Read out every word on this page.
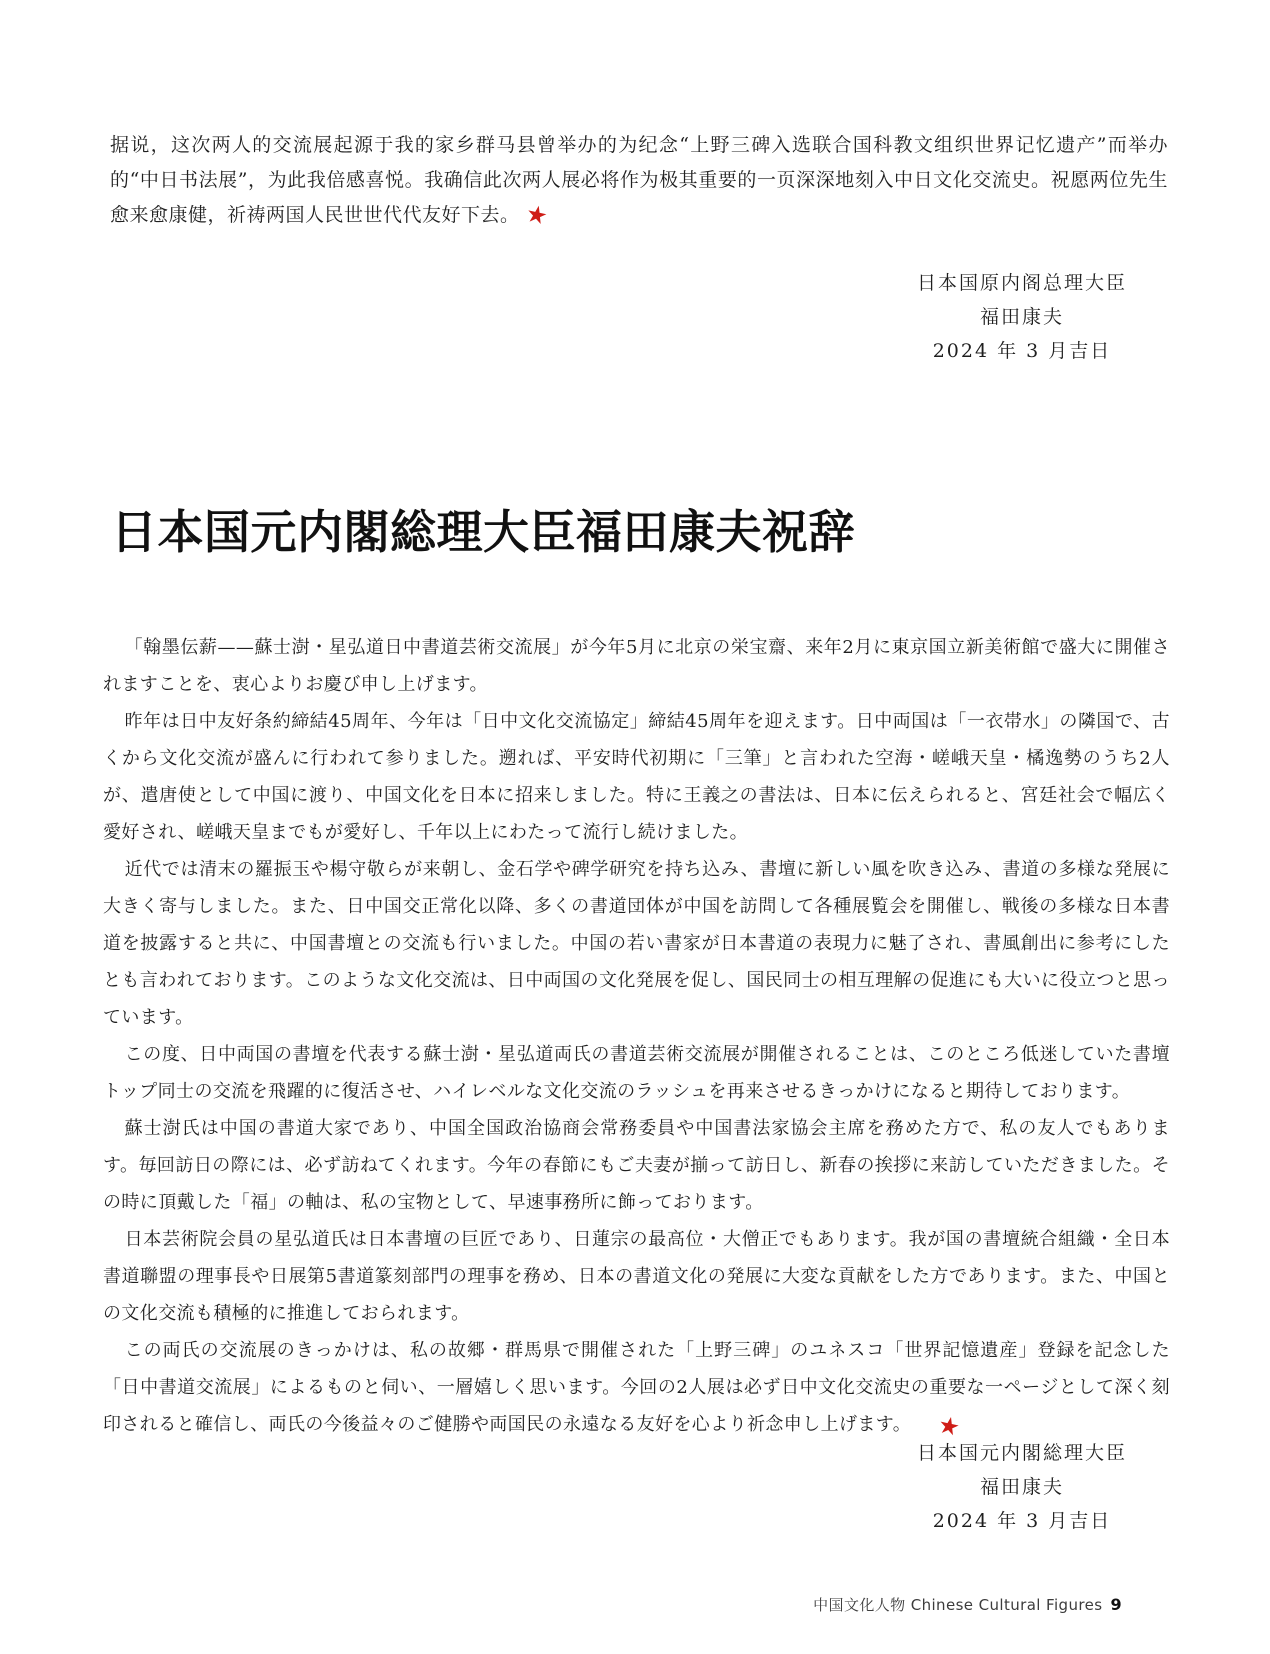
据说，这次两人的交流展起源于我的家乡群马县曾举办的为纪念“上野三碑入选联合国科教文组织世界记忆遗产”而举办的“中日书法展”，为此我倍感喜悦。我确信此次两人展必将作为极其重要的一页深深地刻入中日文化交流史。祝愿两位先生愈来愈康健，祈祷两国人民世世代代友好下去。 ★
日本国原内阁总理大臣
福田康夫
2024 年 3 月吉日
日本国元内閣総理大臣福田康夫祝辞

「翰墨伝薪——蘇士澍・星弘道日中書道芸術交流展」が今年5月に北京の栄宝齋、来年2月に東京国立新美術館で盛大に開催されますことを、衷心よりお慶び申し上げます。

昨年は日中友好条約締結45周年、今年は「日中文化交流協定」締結45周年を迎えます。日中両国は「一衣帯水」の隣国で、古くから文化交流が盛んに行われて参りました。遡れば、平安時代初期に「三筆」と言われた空海・嵯峨天皇・橘逸勢のうち2人が、遣唐使として中国に渡り、中国文化を日本に招来しました。特に王義之の書法は、日本に伝えられると、宮廷社会で幅広く愛好され、嵯峨天皇までもが愛好し、千年以上にわたって流行し続けました。

近代では清末の羅振玉や楊守敬らが来朝し、金石学や碑学研究を持ち込み、書壇に新しい風を吹き込み、書道の多様な発展に大きく寄与しました。また、日中国交正常化以降、多くの書道団体が中国を訪問して各種展覧会を開催し、戦後の多様な日本書道を披露すると共に、中国書壇との交流も行いました。中国の若い書家が日本書道の表現力に魅了され、書風創出に参考にしたとも言われております。このような文化交流は、日中両国の文化発展を促し、国民同士の相互理解の促進にも大いに役立つと思っています。

この度、日中両国の書壇を代表する蘇士澍・星弘道両氏の書道芸術交流展が開催されることは、このところ低迷していた書壇トップ同士の交流を飛躍的に復活させ、ハイレベルな文化交流のラッシュを再来させるきっかけになると期待しております。

蘇士澍氏は中国の書道大家であり、中国全国政治協商会常務委員や中国書法家協会主席を務めた方で、私の友人でもあります。毎回訪日の際には、必ず訪ねてくれます。今年の春節にもご夫妻が揃って訪日し、新春の挨拶に来訪していただきました。その時に頂戴した「福」の軸は、私の宝物として、早速事務所に飾っております。

日本芸術院会員の星弘道氏は日本書壇の巨匠であり、日蓮宗の最高位・大僧正でもあります。我が国の書壇統合組織・全日本書道聯盟の理事長や日展第5書道篆刻部門の理事を務め、日本の書道文化の発展に大変な貢献をした方であります。また、中国との文化交流も積極的に推進しておられます。

この両氏の交流展のきっかけは、私の故郷・群馬県で開催された「上野三碑」のユネスコ「世界記憶遺産」登録を記念した「日中書道交流展」によるものと伺い、一層嬉しく思います。今回の2人展は必ず日中文化交流史の重要な一ページとして深く刻印されると確信し、両氏の今後益々のご健勝や両国民の永遠なる友好を心より祈念申し上げます。 ★

日本国元内閣総理大臣
福田康夫
2024 年 3 月吉日
中国文化人物 Chinese Cultural Figures 9
